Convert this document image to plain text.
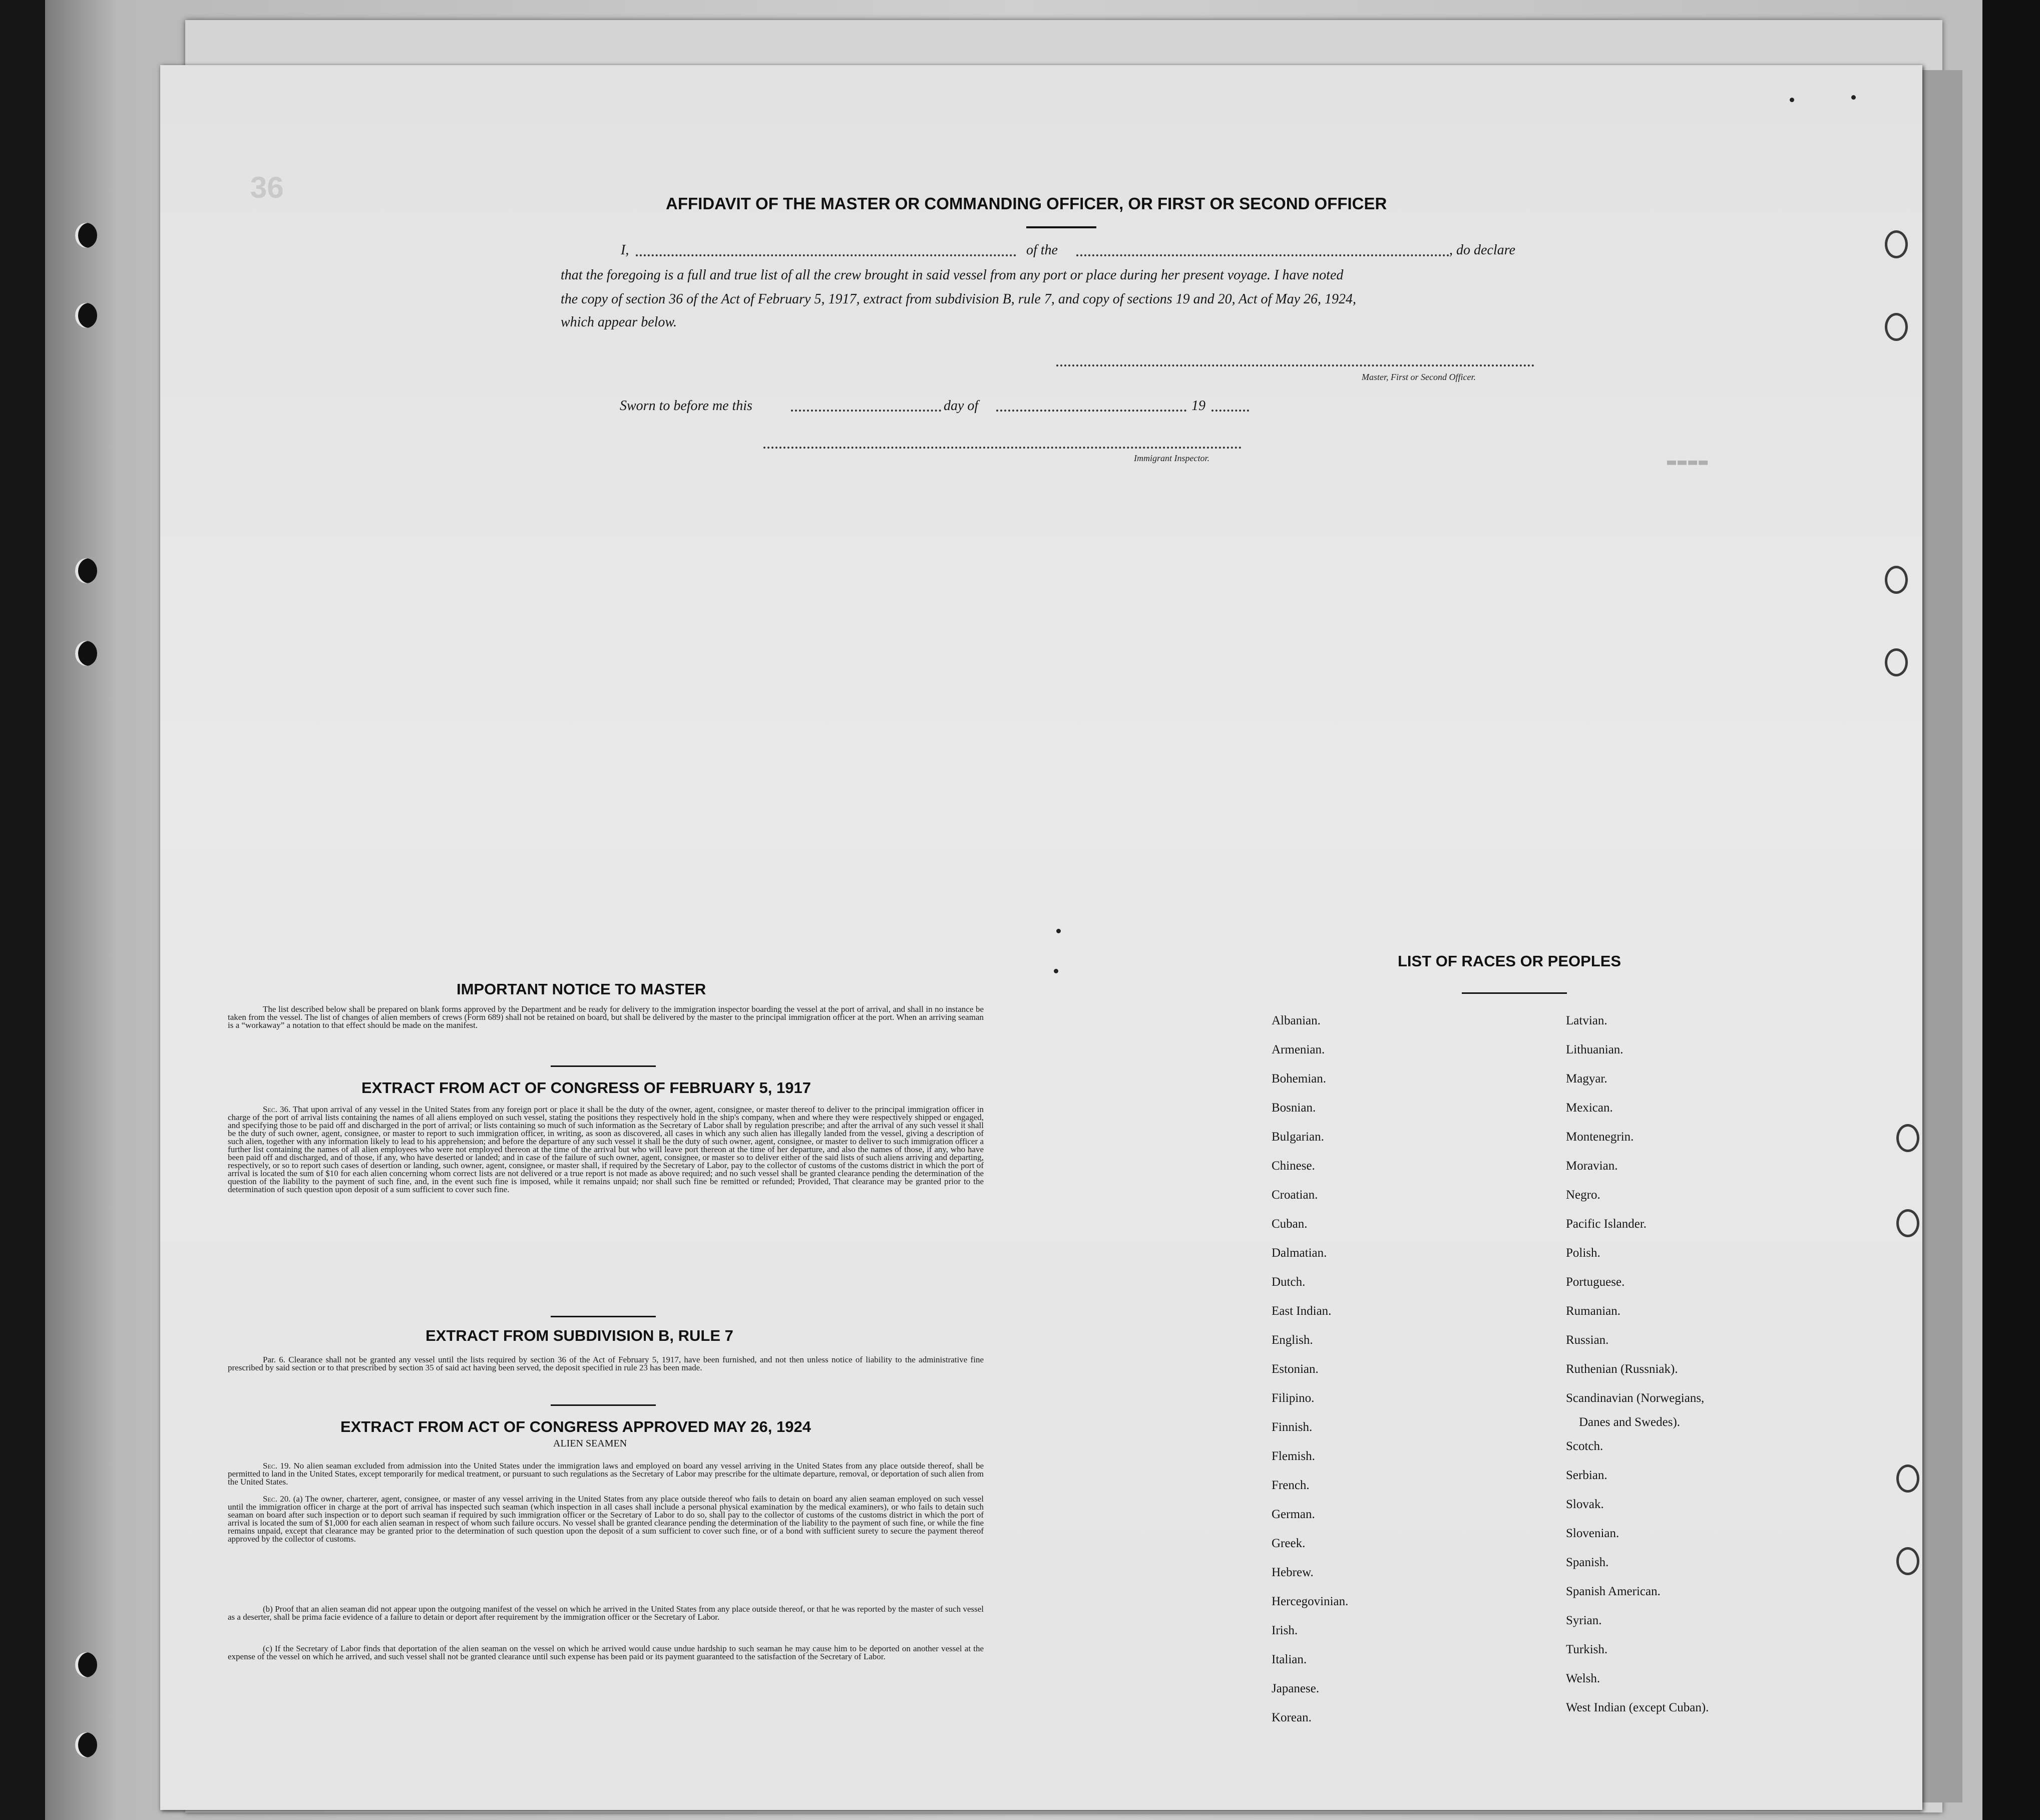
36	AFFIDAVIT OF THE MASTER OR COMMANDING OFFICER, OR FIRST OR SECOND OFFICER
I,	of the	, do declare
that the foregoing is a full and true list of all the crew brought in said vessel from any port or place during her present voyage. I have noted
the copy of section 36 of the Act of February 5, 1917, extract from subdivision B, rule 7, and copy of sections 19 and 20, Act of May 26, 1924,
which appear below.
Master, First or Second Officer.
Sworn to before me this	day of	19
Immigrant Inspector.	▬▬▬▬
IMPORTANT NOTICE TO MASTER
The list described below shall be prepared on blank forms approved by the Department and be ready for delivery to the immigration inspector boarding the vessel at the port of arrival, and shall in no instance be taken from the vessel. The list of changes of alien members of crews (Form 689) shall not be retained on board, but shall be delivered by the master to the principal immigration officer at the port. When an arriving seaman is a “workaway” a notation to that effect should be made on the manifest.
EXTRACT FROM ACT OF CONGRESS OF FEBRUARY 5, 1917
Sec. 36. That upon arrival of any vessel in the United States from any foreign port or place it shall be the duty of the owner, agent, consignee, or master thereof to deliver to the principal immigration officer in charge of the port of arrival lists containing the names of all aliens employed on such vessel, stating the positions they respectively hold in the ship's company, when and where they were respectively shipped or engaged, and specifying those to be paid off and discharged in the port of arrival; or lists containing so much of such information as the Secretary of Labor shall by regulation prescribe; and after the arrival of any such vessel it shall be the duty of such owner, agent, consignee, or master to report to such immigration officer, in writing, as soon as discovered, all cases in which any such alien has illegally landed from the vessel, giving a description of such alien, together with any information likely to lead to his apprehension; and before the departure of any such vessel it shall be the duty of such owner, agent, consignee, or master to deliver to such immigration officer a further list containing the names of all alien employees who were not employed thereon at the time of the arrival but who will leave port thereon at the time of her departure, and also the names of those, if any, who have been paid off and discharged, and of those, if any, who have deserted or landed; and in case of the failure of such owner, agent, consignee, or master so to deliver either of the said lists of such aliens arriving and departing, respectively, or so to report such cases of desertion or landing, such owner, agent, consignee, or master shall, if required by the Secretary of Labor, pay to the collector of customs of the customs district in which the port of arrival is located the sum of $10 for each alien concerning whom correct lists are not delivered or a true report is not made as above required; and no such vessel shall be granted clearance pending the determination of the question of the liability to the payment of such fine, and, in the event such fine is imposed, while it remains unpaid; nor shall such fine be remitted or refunded; Provided, That clearance may be granted prior to the determination of such question upon deposit of a sum sufficient to cover such fine.
EXTRACT FROM SUBDIVISION B, RULE 7
Par. 6. Clearance shall not be granted any vessel until the lists required by section 36 of the Act of February 5, 1917, have been furnished, and not then unless notice of liability to the administrative fine prescribed by said section or to that prescribed by section 35 of said act having been served, the deposit specified in rule 23 has been made.
EXTRACT FROM ACT OF CONGRESS APPROVED MAY 26, 1924
ALIEN SEAMEN
Sec. 19. No alien seaman excluded from admission into the United States under the immigration laws and employed on board any vessel arriving in the United States from any place outside thereof, shall be permitted to land in the United States, except temporarily for medical treatment, or pursuant to such regulations as the Secretary of Labor may prescribe for the ultimate departure, removal, or deportation of such alien from the United States.
Sec. 20. (a) The owner, charterer, agent, consignee, or master of any vessel arriving in the United States from any place outside thereof who fails to detain on board any alien seaman employed on such vessel until the immigration officer in charge at the port of arrival has inspected such seaman (which inspection in all cases shall include a personal physical examination by the medical examiners), or who fails to detain such seaman on board after such inspection or to deport such seaman if required by such immigration officer or the Secretary of Labor to do so, shall pay to the collector of customs of the customs district in which the port of arrival is located the sum of $1,000 for each alien seaman in respect of whom such failure occurs. No vessel shall be granted clearance pending the determination of the liability to the payment of such fine, or while the fine remains unpaid, except that clearance may be granted prior to the determination of such question upon the deposit of a sum sufficient to cover such fine, or of a bond with sufficient surety to secure the payment thereof approved by the collector of customs.
(b) Proof that an alien seaman did not appear upon the outgoing manifest of the vessel on which he arrived in the United States from any place outside thereof, or that he was reported by the master of such vessel as a deserter, shall be prima facie evidence of a failure to detain or deport after requirement by the immigration officer or the Secretary of Labor.
(c) If the Secretary of Labor finds that deportation of the alien seaman on the vessel on which he arrived would cause undue hardship to such seaman he may cause him to be deported on another vessel at the expense of the vessel on which he arrived, and such vessel shall not be granted clearance until such expense has been paid or its payment guaranteed to the satisfaction of the Secretary of Labor.
LIST OF RACES OR PEOPLES
Albanian.
Armenian.
Bohemian.
Bosnian.
Bulgarian.
Chinese.
Croatian.
Cuban.
Dalmatian.
Dutch.
East Indian.
English.
Estonian.
Filipino.
Finnish.
Flemish.
French.
German.
Greek.
Hebrew.
Hercegovinian.
Irish.
Italian.
Japanese.
Korean.
Latvian.
Lithuanian.
Magyar.
Mexican.
Montenegrin.
Moravian.
Negro.
Pacific Islander.
Polish.
Portuguese.
Rumanian.
Russian.
Ruthenian (Russniak).
Scandinavian (Norwegians,
Danes and Swedes).
Scotch.
Serbian.
Slovak.
Slovenian.
Spanish.
Spanish American.
Syrian.
Turkish.
Welsh.
West Indian (except Cuban).
